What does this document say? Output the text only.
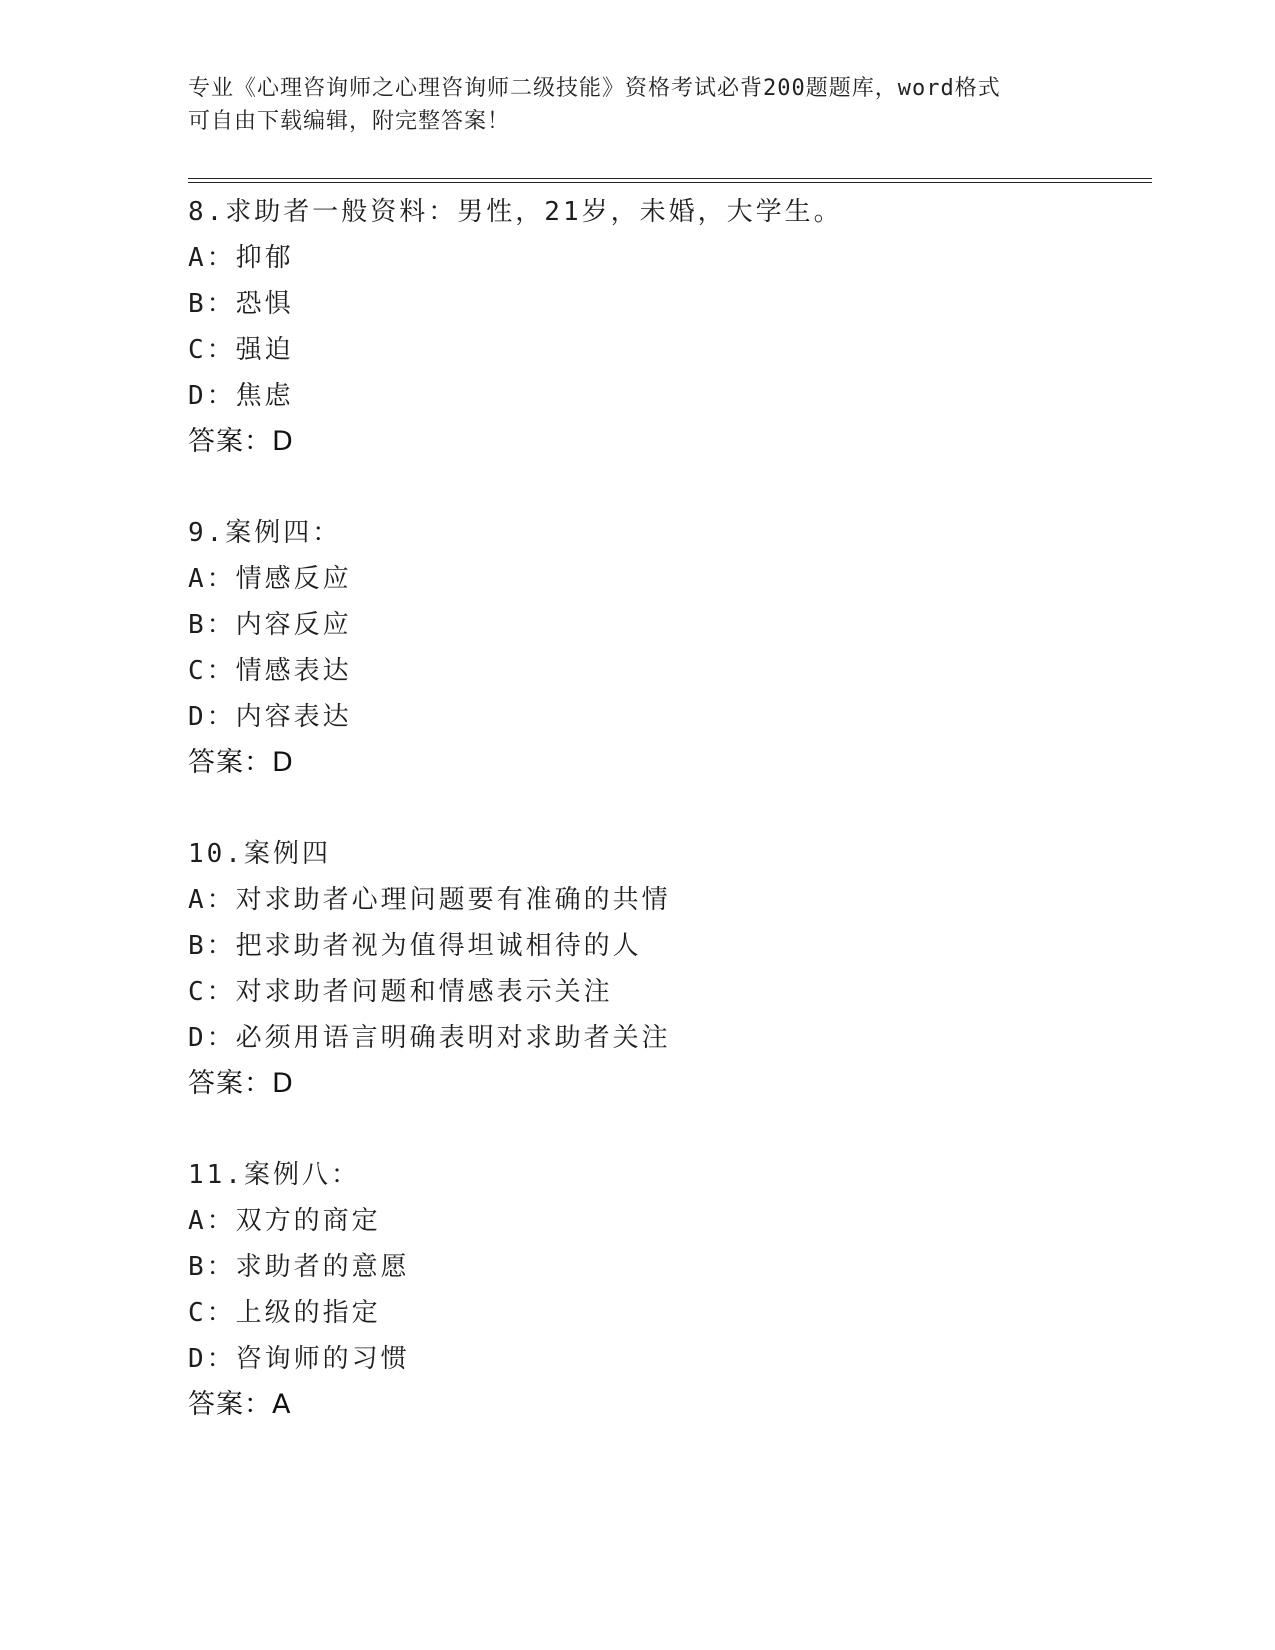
专业《心理咨询师之心理咨询师二级技能》资格考试必背200题题库，word格式

可自由下载编辑，附完整答案！

8.求助者一般资料：男性，21岁，未婚，大学生。
A：抑郁
B：恐惧
C：强迫
D：焦虑
答案：D
9.案例四：
A：情感反应
B：内容反应
C：情感表达
D：内容表达
答案：D
10.案例四
A：对求助者心理问题要有准确的共情
B：把求助者视为值得坦诚相待的人
C：对求助者问题和情感表示关注
D：必须用语言明确表明对求助者关注
答案：D
11.案例八：
A：双方的商定
B：求助者的意愿
C：上级的指定
D：咨询师的习惯
答案：A
